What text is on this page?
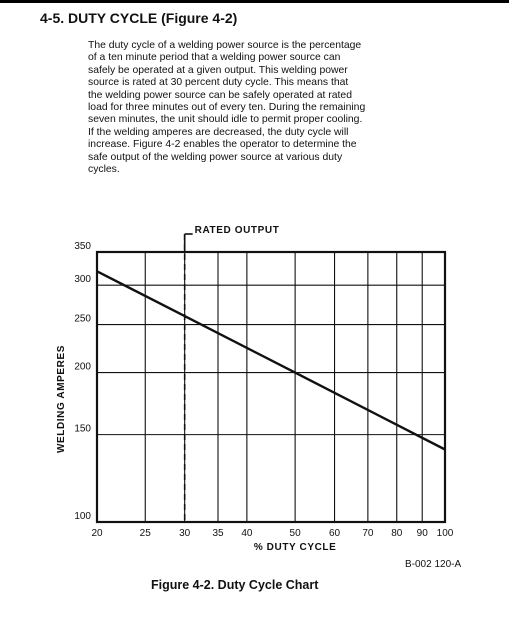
4-5. DUTY CYCLE (Figure 4-2)
The duty cycle of a welding power source is the percentage
of a ten minute period that a welding power source can
safely be operated at a given output. This welding power
source is rated at 30 percent duty cycle. This means that
the welding power source can be safely operated at rated
load for three minutes out of every ten. During the remaining
seven minutes, the unit should idle to permit proper cooling.
If the welding amperes are decreased, the duty cycle will
increase. Figure 4-2 enables the operator to determine the
safe output of the welding power source at various duty
cycles.
RATED OUTPUT
20	25	30 35 40	50	60 70 80 90 100
100
150
200
250
300
350
% DUTY CYCLE
WELDING AMPERES
B-002 120-A
Figure 4-2. Duty Cycle Chart
